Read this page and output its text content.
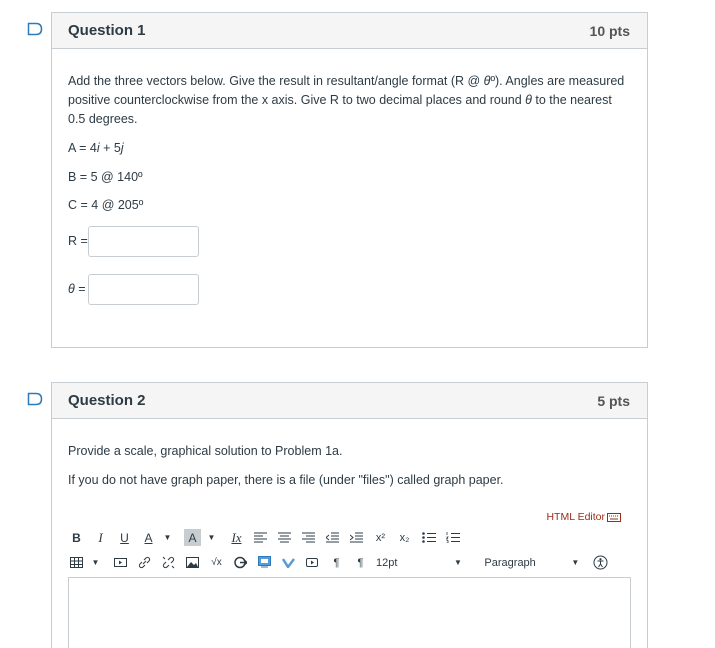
Question 1	10 pts

Add the three vectors below. Give the result in resultant/angle format (R @ θº). Angles are measured positive counterclockwise from the x axis. Give R to two decimal places and round θ to the nearest 0.5 degrees.

A = 4i + 5j

B = 5 @ 140º

C = 4 @ 205º

R =
θ =
Question 2	5 pts

Provide a scale, graphical solution to Problem 1a.

If you do not have graph paper, there is a file (under "files") called graph paper.

HTML Editor
B	I	U	A	▼	A	▼	Ix	x²	x₂
▼	√x	¶	¶	12pt	▼	Paragraph	▼
